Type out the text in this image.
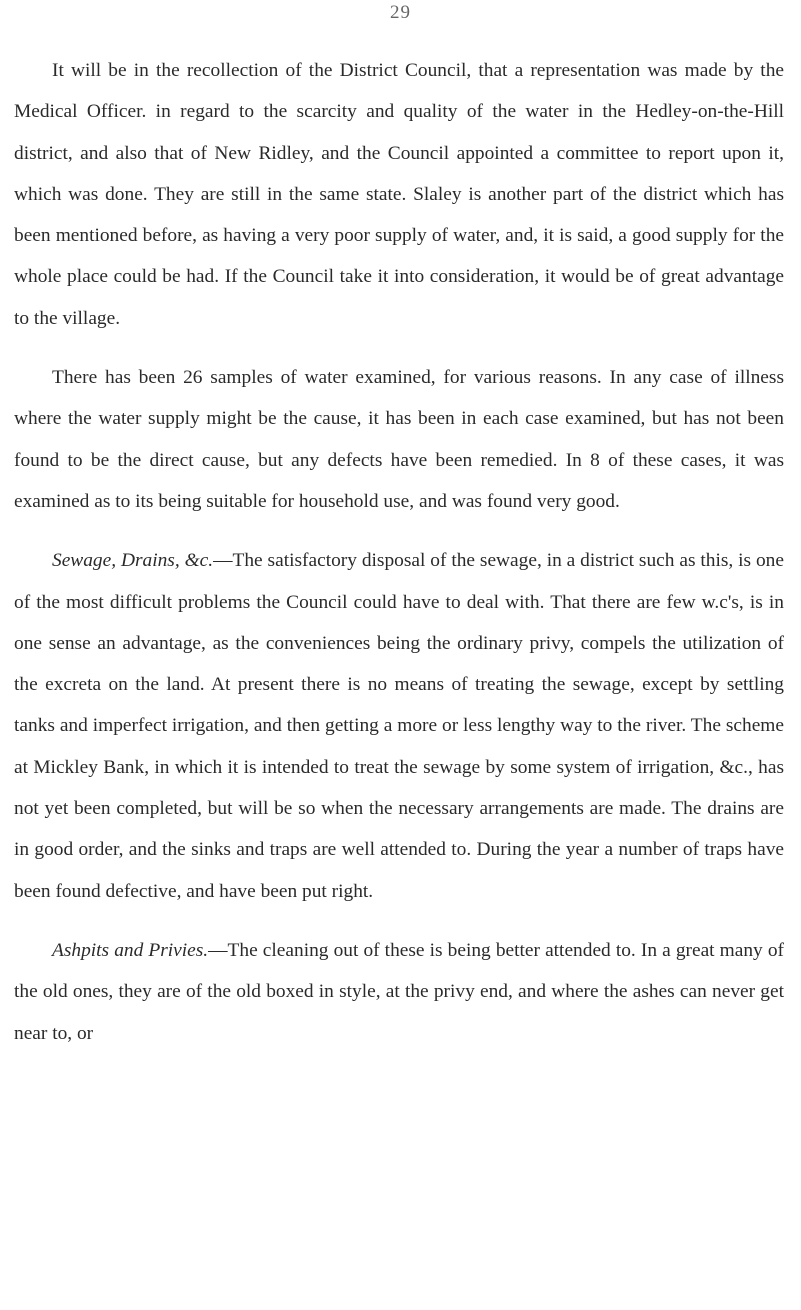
29

It will be in the recollection of the District Council, that a representation was made by the Medical Officer. in regard to the scarcity and quality of the water in the Hedley-on-the-Hill district, and also that of New Ridley, and the Council appointed a committee to report upon it, which was done. They are still in the same state. Slaley is another part of the district which has been mentioned before, as having a very poor supply of water, and, it is said, a good supply for the whole place could be had. If the Council take it into consideration, it would be of great advantage to the village.

There has been 26 samples of water examined, for various reasons. In any case of illness where the water supply might be the cause, it has been in each case examined, but has not been found to be the direct cause, but any defects have been remedied. In 8 of these cases, it was examined as to its being suitable for household use, and was found very good.

Sewage, Drains, &c.—The satisfactory disposal of the sewage, in a district such as this, is one of the most difficult problems the Council could have to deal with. That there are few w.c's, is in one sense an advantage, as the conveniences being the ordinary privy, compels the utilization of the excreta on the land. At present there is no means of treating the sewage, except by settling tanks and imperfect irrigation, and then getting a more or less lengthy way to the river. The scheme at Mickley Bank, in which it is intended to treat the sewage by some system of irrigation, &c., has not yet been completed, but will be so when the necessary arrangements are made. The drains are in good order, and the sinks and traps are well attended to. During the year a number of traps have been found defective, and have been put right.

Ashpits and Privies.—The cleaning out of these is being better attended to. In a great many of the old ones, they are of the old boxed in style, at the privy end, and where the ashes can never get near to, or
